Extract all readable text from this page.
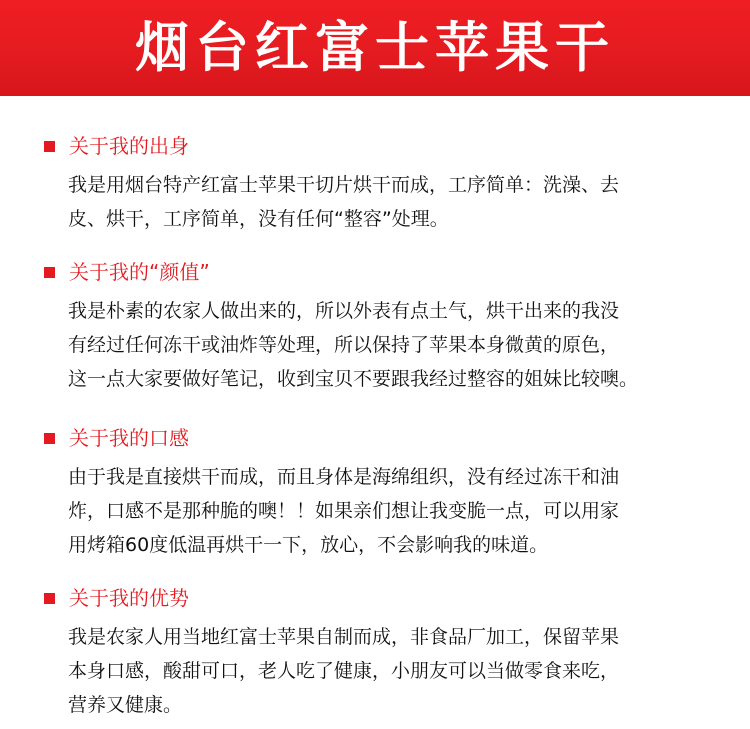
烟台红富士苹果干
关于我的出身
我是用烟台特产红富士苹果干切片烘干而成，工序简单：洗澡、去
皮、烘干，工序简单，没有任何“整容”处理。
关于我的“颜值”
我是朴素的农家人做出来的，所以外表有点土气，烘干出来的我没
有经过任何冻干或油炸等处理，所以保持了苹果本身微黄的原色，
这一点大家要做好笔记，收到宝贝不要跟我经过整容的姐妹比较噢。
关于我的口感
由于我是直接烘干而成，而且身体是海绵组织，没有经过冻干和油
炸，口感不是那种脆的噢！！如果亲们想让我变脆一点，可以用家
用烤箱60度低温再烘干一下，放心，不会影响我的味道。
关于我的优势
我是农家人用当地红富士苹果自制而成，非食品厂加工，保留苹果
本身口感，酸甜可口，老人吃了健康，小朋友可以当做零食来吃，
营养又健康。
